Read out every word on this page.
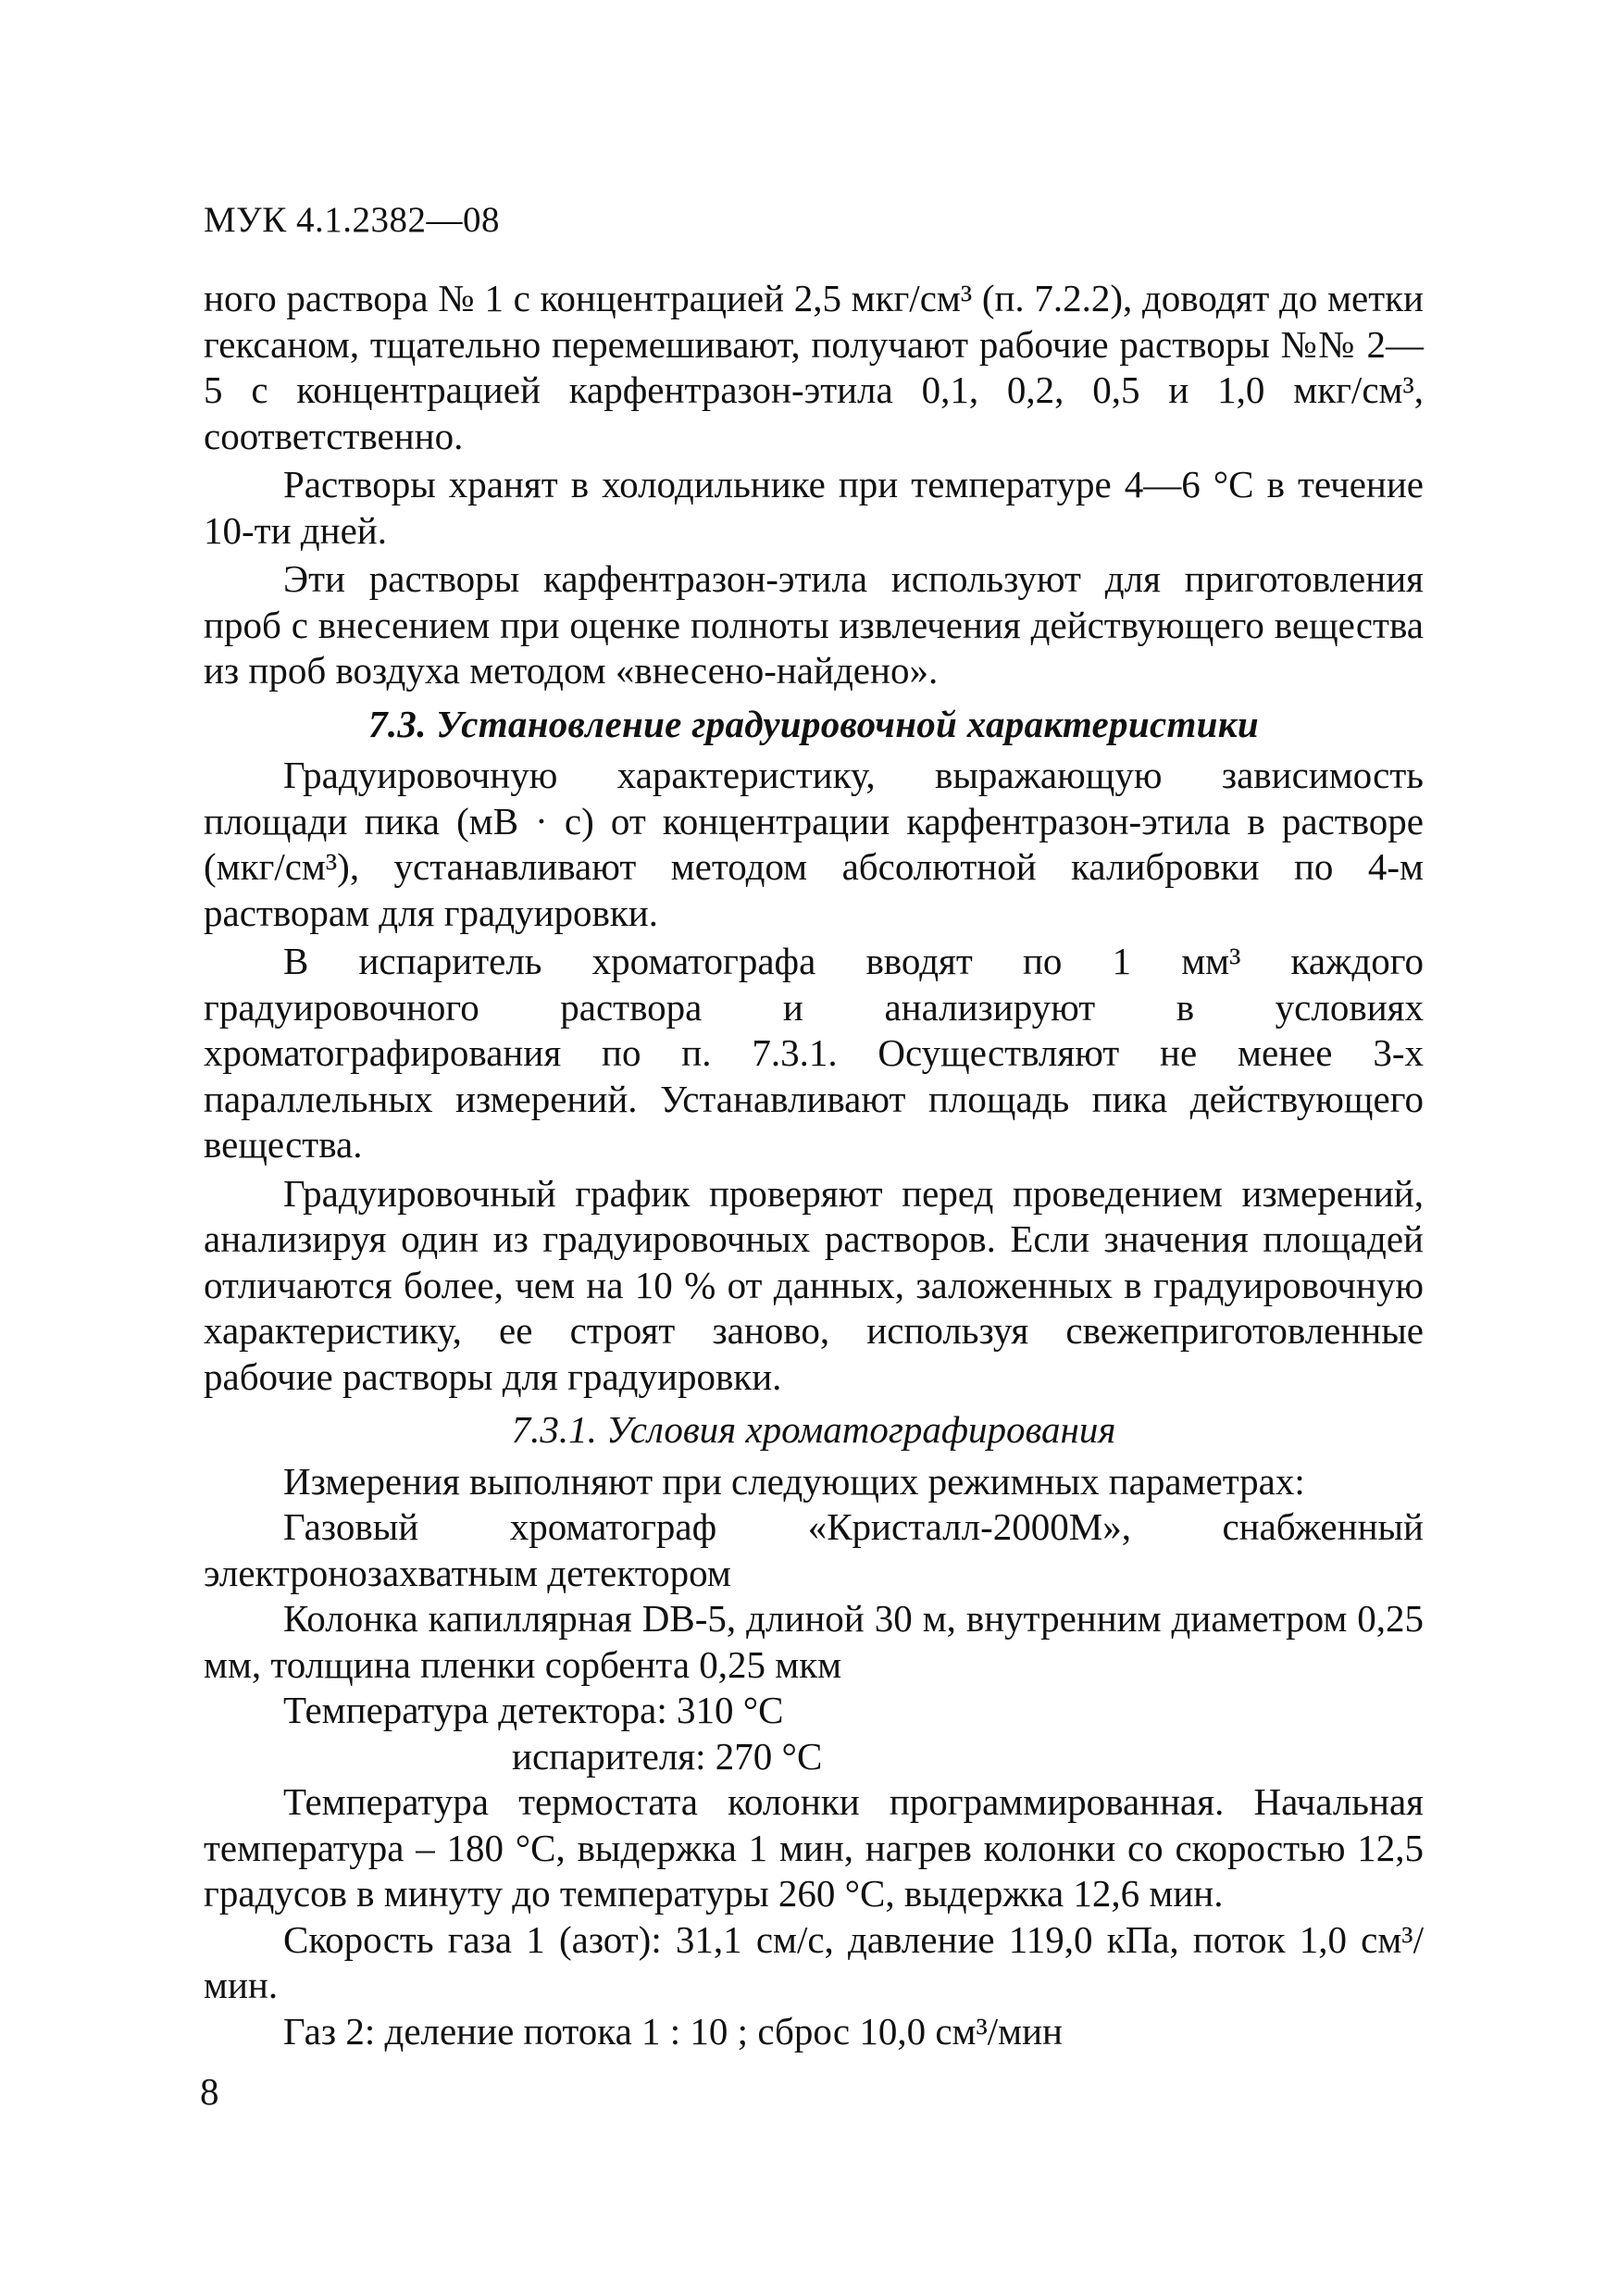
МУК 4.1.2382—08

ного раствора № 1 с концентрацией 2,5 мкг/см³ (п. 7.2.2), доводят до метки гексаном, тщательно перемешивают, получают рабочие растворы №№ 2—5 с концентрацией карфентразон-этила 0,1, 0,2, 0,5 и 1,0 мкг/см³, соответственно.

Растворы хранят в холодильнике при температуре 4—6 °С в течение 10-ти дней.

Эти растворы карфентразон-этила используют для приготовления проб с внесением при оценке полноты извлечения действующего вещества из проб воздуха методом «внесено-найдено».

7.3. Установление градуировочной характеристики

Градуировочную характеристику, выражающую зависимость площади пика (мВ · с) от концентрации карфентразон-этила в растворе (мкг/см³), устанавливают методом абсолютной калибровки по 4-м растворам для градуировки.

В испаритель хроматографа вводят по 1 мм³ каждого градуировочного раствора и анализируют в условиях хроматографирования по п. 7.3.1. Осуществляют не менее 3-х параллельных измерений. Устанавливают площадь пика действующего вещества.

Градуировочный график проверяют перед проведением измерений, анализируя один из градуировочных растворов. Если значения площадей отличаются более, чем на 10 % от данных, заложенных в градуировочную характеристику, ее строят заново, используя свежеприготовленные рабочие растворы для градуировки.

7.3.1. Условия хроматографирования

Измерения выполняют при следующих режимных параметрах:

Газовый хроматограф «Кристалл-2000М», снабженный электронозахватным детектором

Колонка капиллярная DB-5, длиной 30 м, внутренним диаметром 0,25 мм, толщина пленки сорбента 0,25 мкм

Температура детектора: 310 °С

испарителя: 270 °С

Температура термостата колонки программированная. Начальная температура – 180 °С, выдержка 1 мин, нагрев колонки со скоростью 12,5 градусов в минуту до температуры 260 °С, выдержка 12,6 мин.

Скорость газа 1 (азот): 31,1 см/с, давление 119,0 кПа, поток 1,0 см³/мин.

Газ 2: деление потока 1 : 10 ; сброс 10,0 см³/мин

8
